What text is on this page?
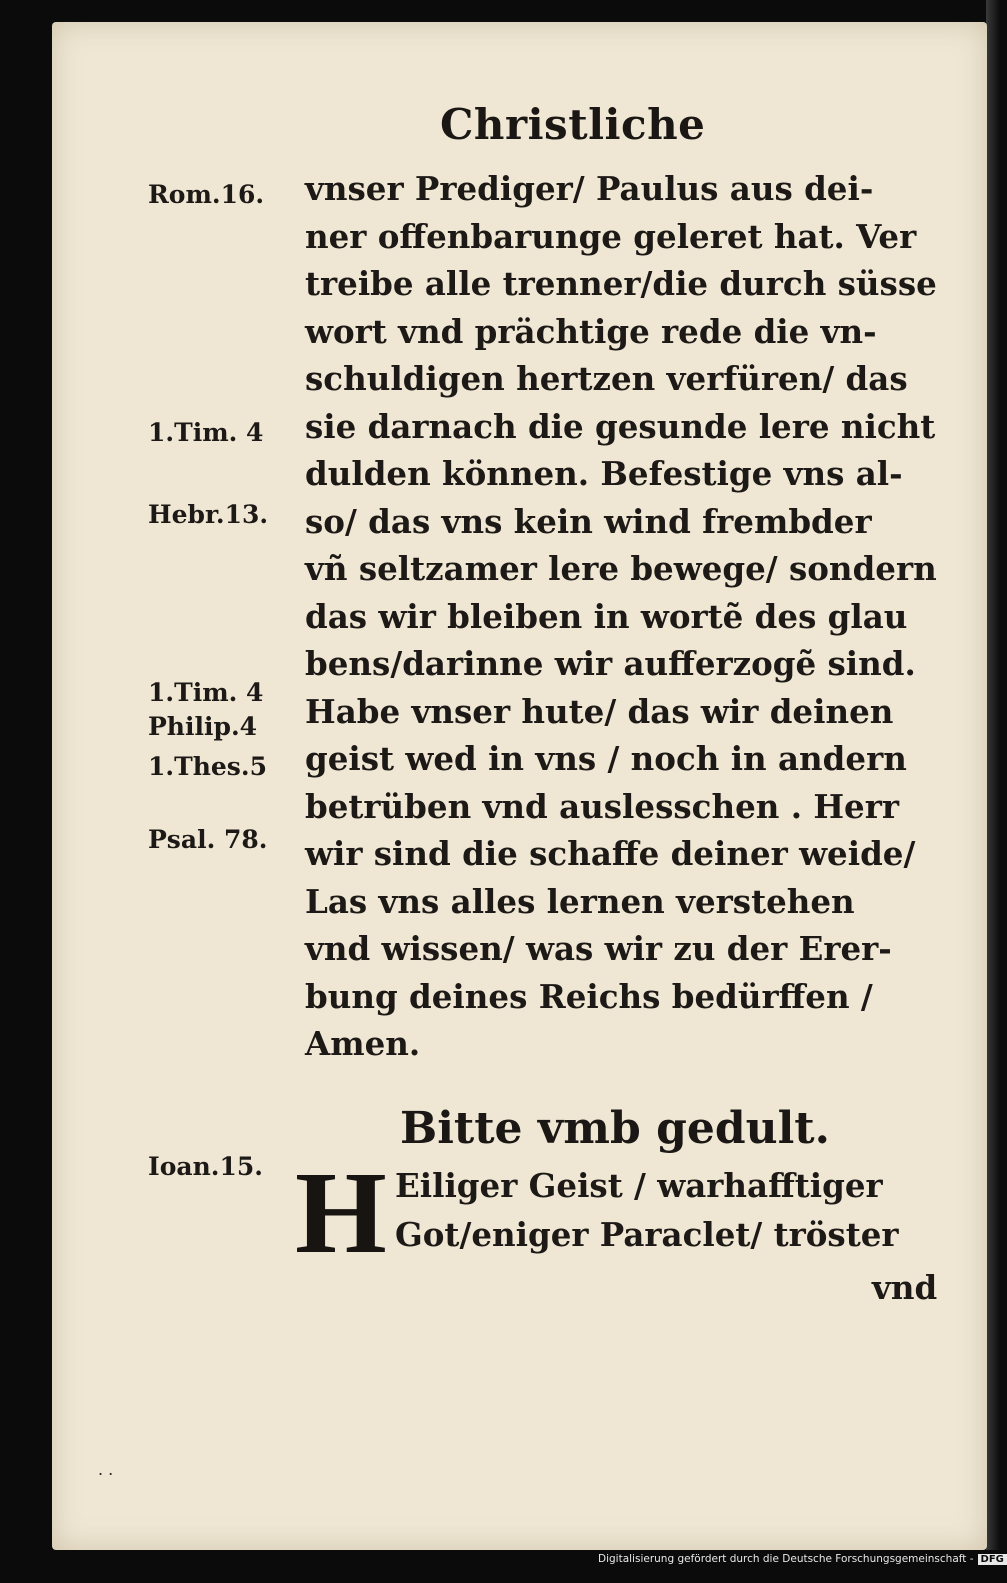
Christliche
Rom.16.
1.Tim. 4
Hebr.13.
1.Tim. 4
Philip.4
1.Thes.5
Psal. 78.
Ioan.15.
vnser Prediger/ Paulus aus dei-
ner offenbarunge geleret hat. Ver
treibe alle trenner/die durch süsse
wort vnd prächtige rede die vn-
schuldigen hertzen verfüren/ das
sie darnach die gesunde lere nicht
dulden können. Befestige vns al-
so/ das vns kein wind frembder
vñ seltzamer lere bewege/ sondern
das wir bleiben in wortẽ des glau
bens/darinne wir aufferzogẽ sind.
Habe vnser hute/ das wir deinen
geist wed in vns / noch in andern
betrüben vnd auslesschen . Herr
wir sind die schaffe deiner weide/
Las vns alles lernen verstehen
vnd wissen/ was wir zu der Erer-
bung deines Reichs bedürffen /
Amen.
Bitte vmb gedult.
H Eiliger Geist / warhafftiger
Got/eniger Paraclet/ tröster
vnd
. .
Digitalisierung gefördert durch die Deutsche Forschungsgemeinschaft - DFG
